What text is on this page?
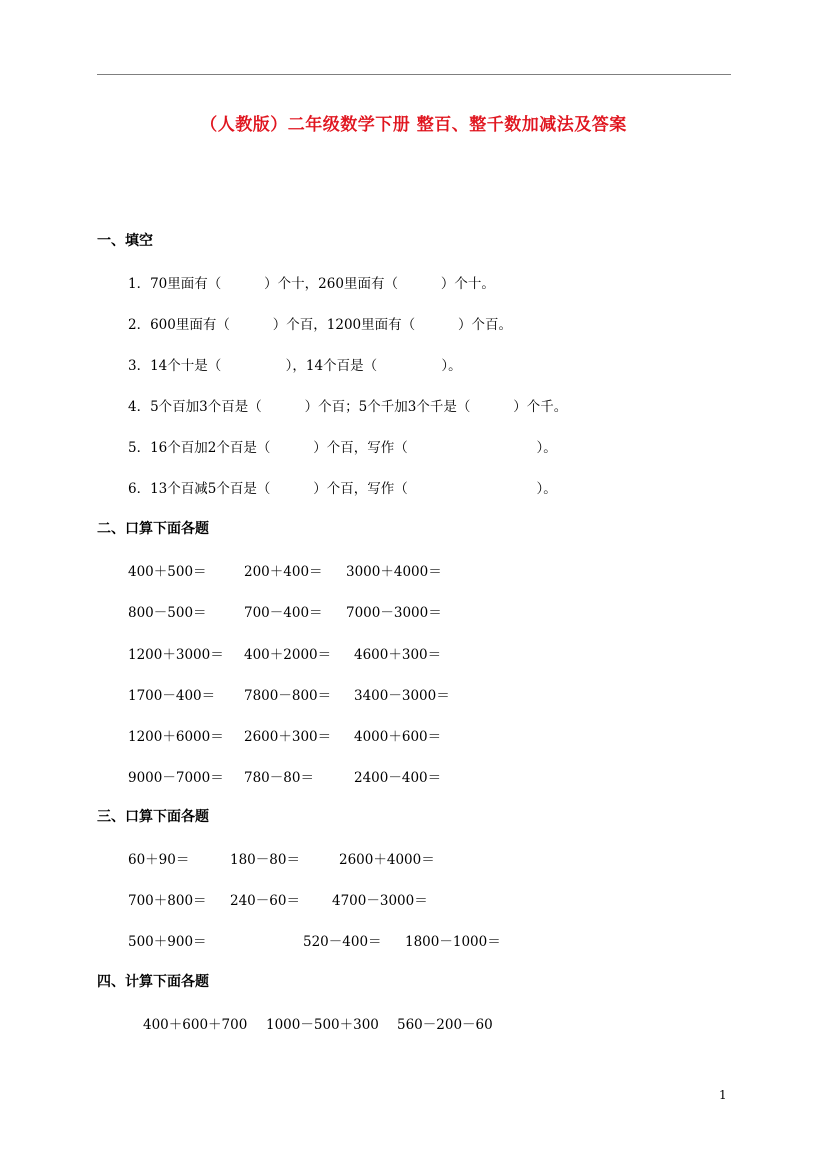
（人教版）二年级数学下册 整百、整千数加减法及答案
一、填空
1．70里面有（          ）个十，260里面有（          ）个十。
2．600里面有（          ）个百，1200里面有（          ）个百。
3．14个十是（               ），14个百是（               ）。
4．5个百加3个百是（          ）个百；5个千加3个千是（          ）个千。
5．16个百加2个百是（          ）个百，写作（                              ）。
6．13个百减5个百是（          ）个百，写作（                              ）。
二、口算下面各题
400＋500＝	200＋400＝ 3000＋4000＝
800－500＝	700－400＝ 7000－3000＝
1200＋3000＝ 400＋2000＝ 4600＋300＝
1700－400＝ 7800－800＝ 3400－3000＝
1200＋6000＝ 2600＋300＝ 4000＋600＝
9000－7000＝ 780－80＝	2400－400＝
三、口算下面各题
60＋90＝	180－80＝	2600＋4000＝
700＋800＝ 240－60＝ 4700－3000＝
500＋900＝	520－400＝ 1800－1000＝
四、计算下面各题
400＋600＋700 1000－500＋300 560－200－60
1
